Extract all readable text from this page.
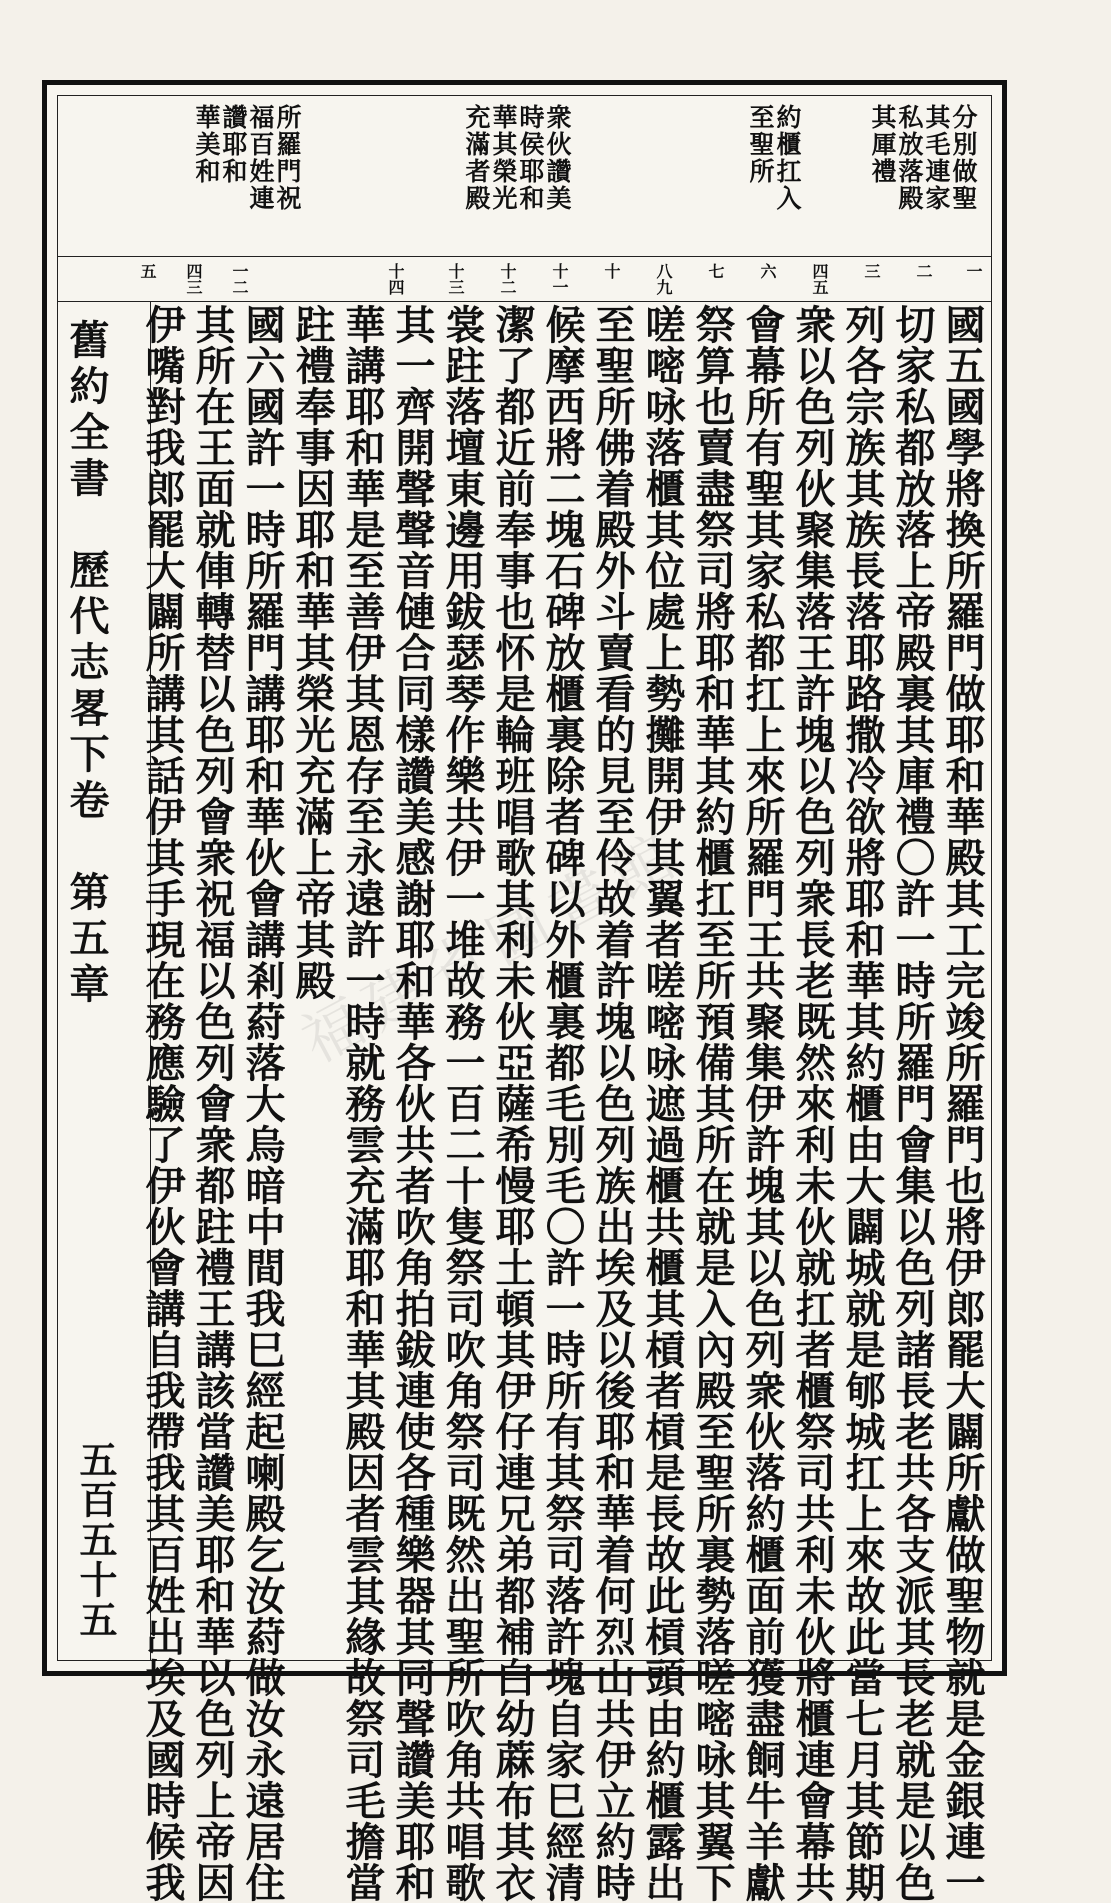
分別做聖
其毛連家
私放落殿
其厙禮
約櫃扛入
至聖所
衆伙讚美
時侯耶和
華其榮光
充滿者殿
所羅門祝
福百姓連
讚耶和
華美和
一
二
三
四五
六
七
八九
十
十一
十二
十三
十四
一二
四三
五
舊約全書　歷代志畧下卷　第五章
五百五十五	國五國學將換所羅門做耶和華殿其工完竣所羅門也將伊郎罷大闢所獻做聖物就是金銀連一
切家私都放落上帝殿裏其庫禮〇許一時所羅門會集以色列諸長老共各支派其長老就是以色
列各宗族其族長落耶路撒冷欲將耶和華其約櫃由大闢城就是郇城扛上來故此當七月其節期
衆以色列伙聚集落王許塊以色列衆長老既然來利未伙就扛者櫃祭司共利未伙將櫃連會幕共
會幕所有聖其家私都扛上來所羅門王共聚集伊許塊其以色列衆伙落約櫃面前獲盡餇牛羊獻
祭算也賣盡祭司將耶和華其約櫃扛至所預備其所在就是入內殿至聖所裏勢落嗟嘧咏其翼下
嗟嘧咏落櫃其位處上勢攤開伊其翼者嗟嘧咏遮過櫃共櫃其槓者槓是長故此槓頭由約櫃露出
至聖所佛着殿外斗賣看的見至伶故着許塊以色列族出埃及以後耶和華着何烈山共伊立約時
候摩西將二塊石碑放櫃裏除者碑以外櫃裏都毛別毛〇許一時所有其祭司落許塊自家巳經清
潔了都近前奉事也怀是輪班唱歌其利未伙亞薩希慢耶土頓其伊仔連兄弟都補白幼蔴布其衣
裳跓落壇東邊用鈸瑟琴作樂共伊一堆故務一百二十隻祭司吹角祭司既然出聖所吹角共唱歌
其一齊開聲聲音僆合同樣讚美感謝耶和華各伙共者吹角拍鈸連使各種樂器其同聲讚美耶和
華講耶和華是至善伊其恩存至永遠許一時就務雲充滿耶和華其殿因者雲其緣故祭司毛擔當
跓禮奉事因耶和華其榮光充滿上帝其殿
國六國許一時所羅門講耶和華伙會講剎葤落大烏暗中間我巳經起喇殿乞汝葤做汝永遠居住
其所在王面就俥轉替以色列會衆祝福以色列會衆都跓禮王講該當讚美耶和華以色列上帝因
伊嘴對我郎罷大闢所講其話伊其手現在務應驗了伊伙會講自我帶我其百姓出埃及國時候我 福建省圖書館
